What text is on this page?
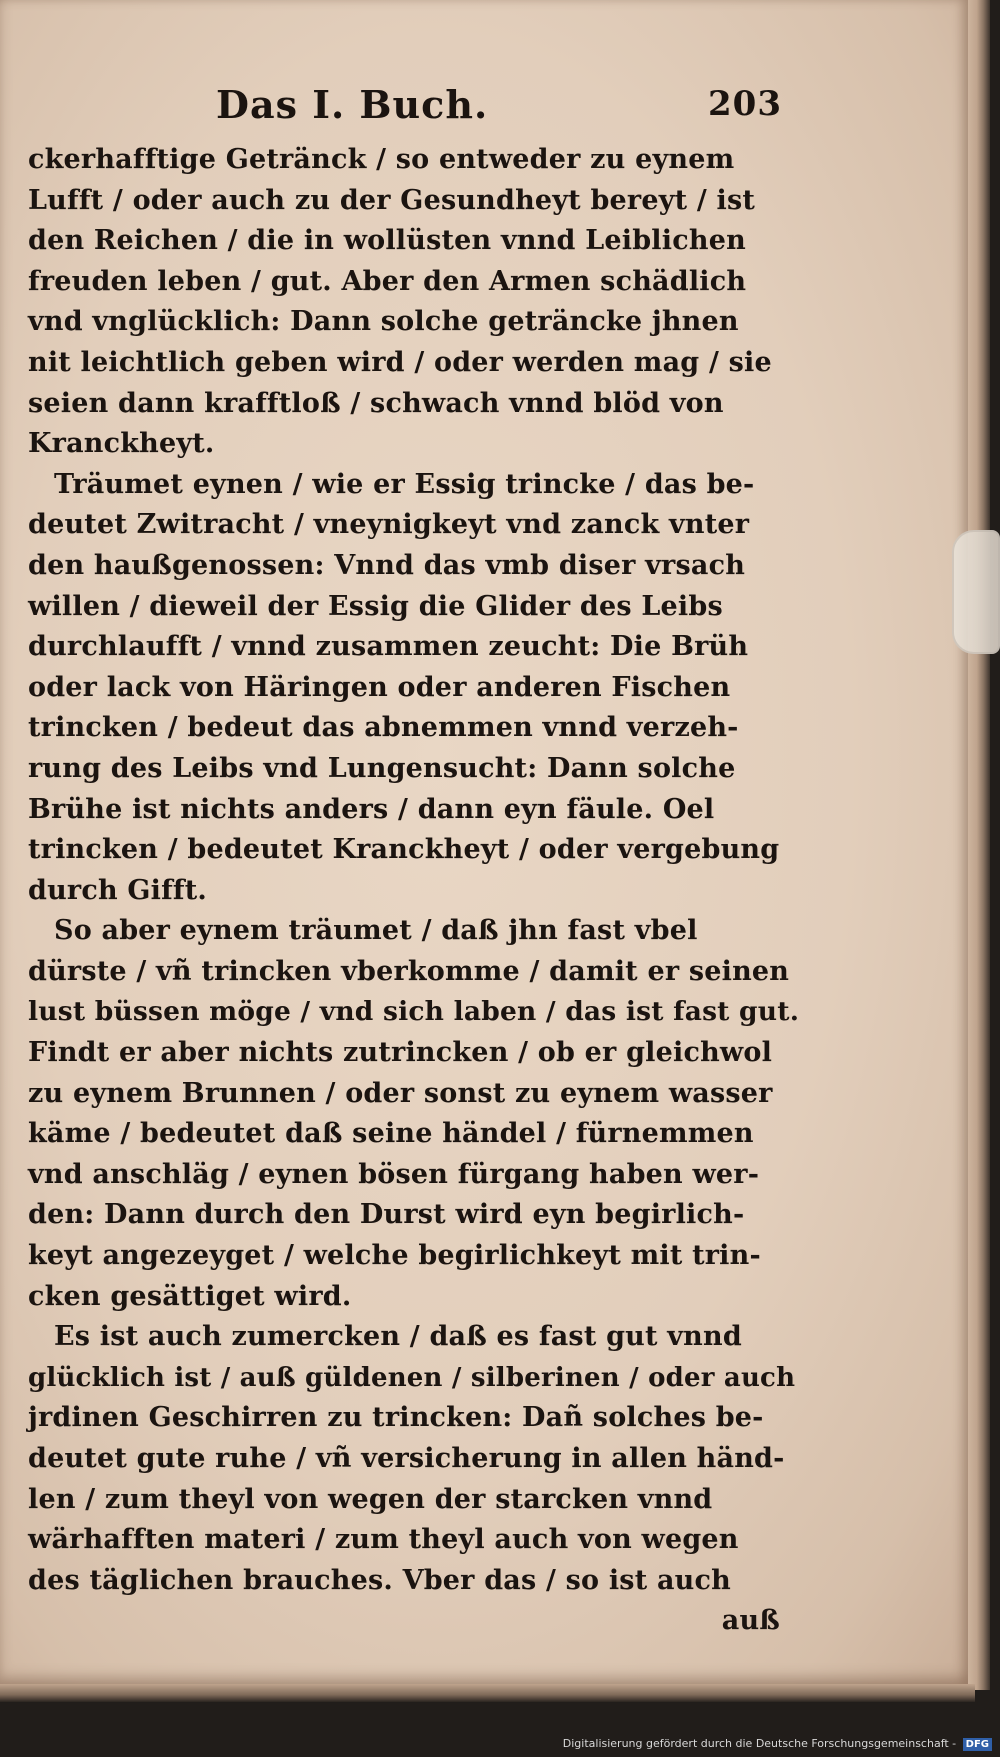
Das I. Buch.	203
ckerhafftige Getränck / so entweder zu eynem
Lufft / oder auch zu der Gesundheyt bereyt / ist
den Reichen / die in wollüsten vnnd Leiblichen
freuden leben / gut. Aber den Armen schädlich
vnd vnglücklich: Dann solche geträncke jhnen
nit leichtlich geben wird / oder werden mag / sie
seien dann krafftloß / schwach vnnd blöd von
Kranckheyt.
Träumet eynen / wie er Essig trincke / das be-
deutet Zwitracht / vneynigkeyt vnd zanck vnter
den haußgenossen: Vnnd das vmb diser vrsach
willen / dieweil der Essig die Glider des Leibs
durchlaufft / vnnd zusammen zeucht: Die Brüh
oder lack von Häringen oder anderen Fischen
trincken / bedeut das abnemmen vnnd verzeh-
rung des Leibs vnd Lungensucht: Dann solche
Brühe ist nichts anders / dann eyn fäule. Oel
trincken / bedeutet Kranckheyt / oder vergebung
durch Gifft.
So aber eynem träumet / daß jhn fast vbel
dürste / vñ trincken vberkomme / damit er seinen
lust büssen möge / vnd sich laben / das ist fast gut.
Findt er aber nichts zutrincken / ob er gleichwol
zu eynem Brunnen / oder sonst zu eynem wasser
käme / bedeutet daß seine händel / fürnemmen
vnd anschläg / eynen bösen fürgang haben wer-
den: Dann durch den Durst wird eyn begirlich-
keyt angezeyget / welche begirlichkeyt mit trin-
cken gesättiget wird.
Es ist auch zumercken / daß es fast gut vnnd
glücklich ist / auß güldenen / silberinen / oder auch
jrdinen Geschirren zu trincken: Dañ solches be-
deutet gute ruhe / vñ versicherung in allen händ-
len / zum theyl von wegen der starcken vnnd
wärhafften materi / zum theyl auch von wegen
des täglichen brauches. Vber das / so ist auch
auß
Digitalisierung gefördert durch die Deutsche Forschungsgemeinschaft - DFG
